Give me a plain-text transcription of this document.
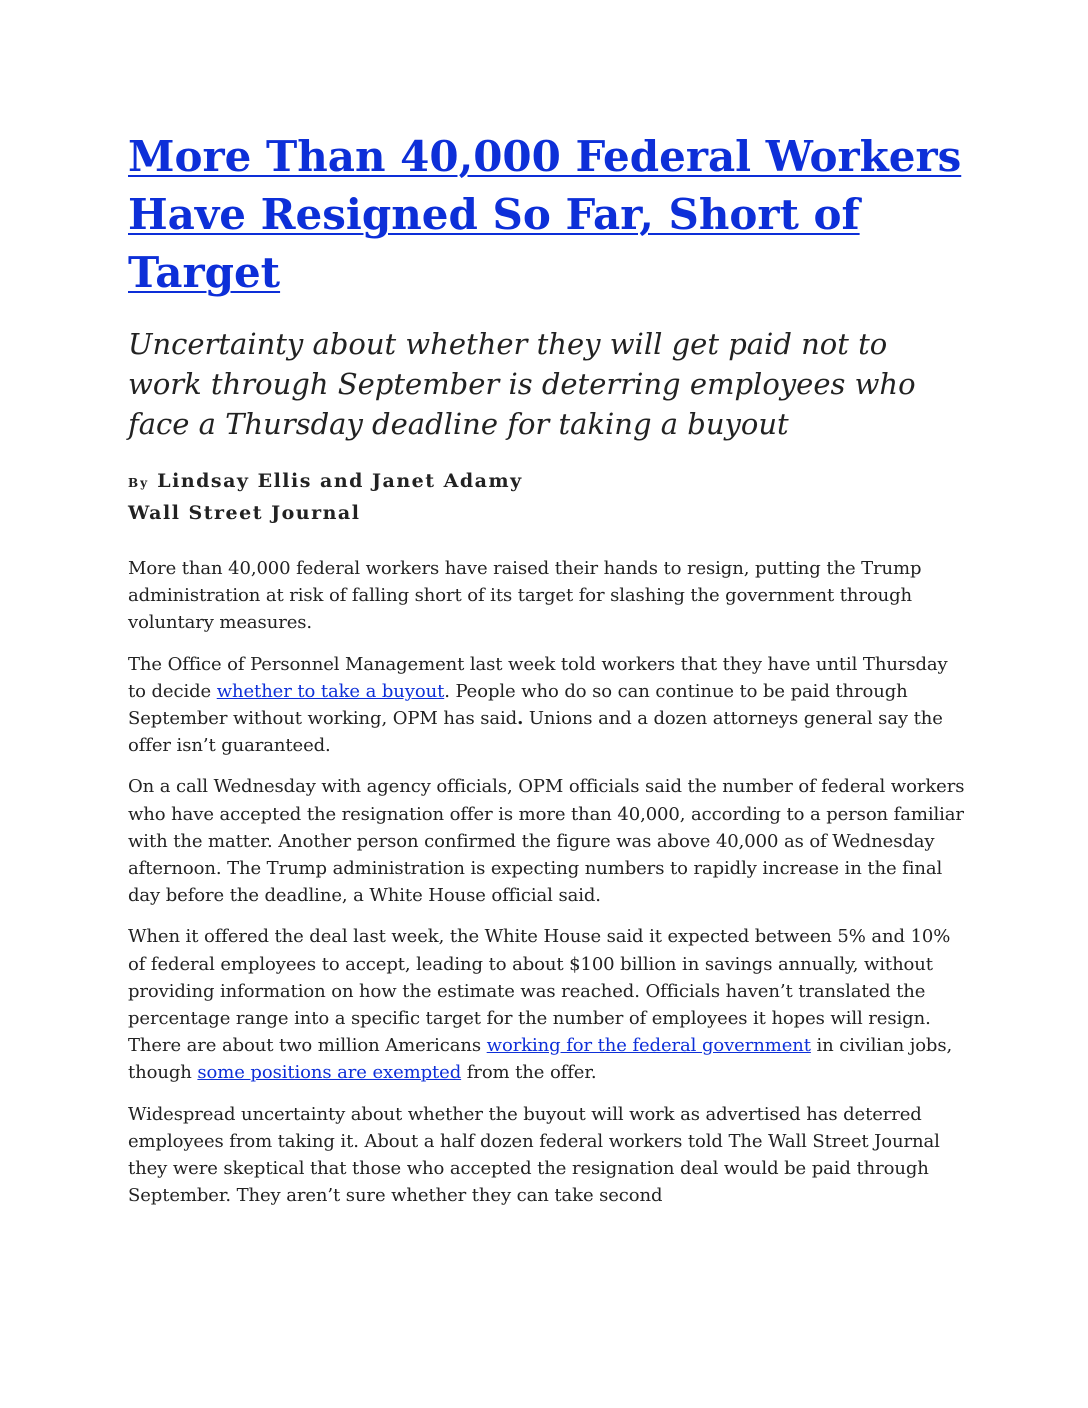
More Than 40,000 Federal Workers Have Resigned So Far, Short of Target

Uncertainty about whether they will get paid not to work through September is deterring employees who face a Thursday deadline for taking a buyout

By Lindsay Ellis and Janet Adamy
Wall Street Journal

More than 40,000 federal workers have raised their hands to resign, putting the Trump administration at risk of falling short of its target for slashing the government through voluntary measures.

The Office of Personnel Management last week told workers that they have until Thursday to decide whether to take a buyout. People who do so can continue to be paid through September without working, OPM has said. Unions and a dozen attorneys general say the offer isn’t guaranteed.

On a call Wednesday with agency officials, OPM officials said the number of federal workers who have accepted the resignation offer is more than 40,000, according to a person familiar with the matter. Another person confirmed the figure was above 40,000 as of Wednesday afternoon. The Trump administration is expecting numbers to rapidly increase in the final day before the deadline, a White House official said.

When it offered the deal last week, the White House said it expected between 5% and 10% of federal employees to accept, leading to about $100 billion in savings annually, without providing information on how the estimate was reached. Officials haven’t translated the percentage range into a specific target for the number of employees it hopes will resign. There are about two million Americans working for the federal government in civilian jobs, though some positions are exempted from the offer.

Widespread uncertainty about whether the buyout will work as advertised has deterred employees from taking it. About a half dozen federal workers told The Wall Street Journal they were skeptical that those who accepted the resignation deal would be paid through September. They aren’t sure whether they can take second
